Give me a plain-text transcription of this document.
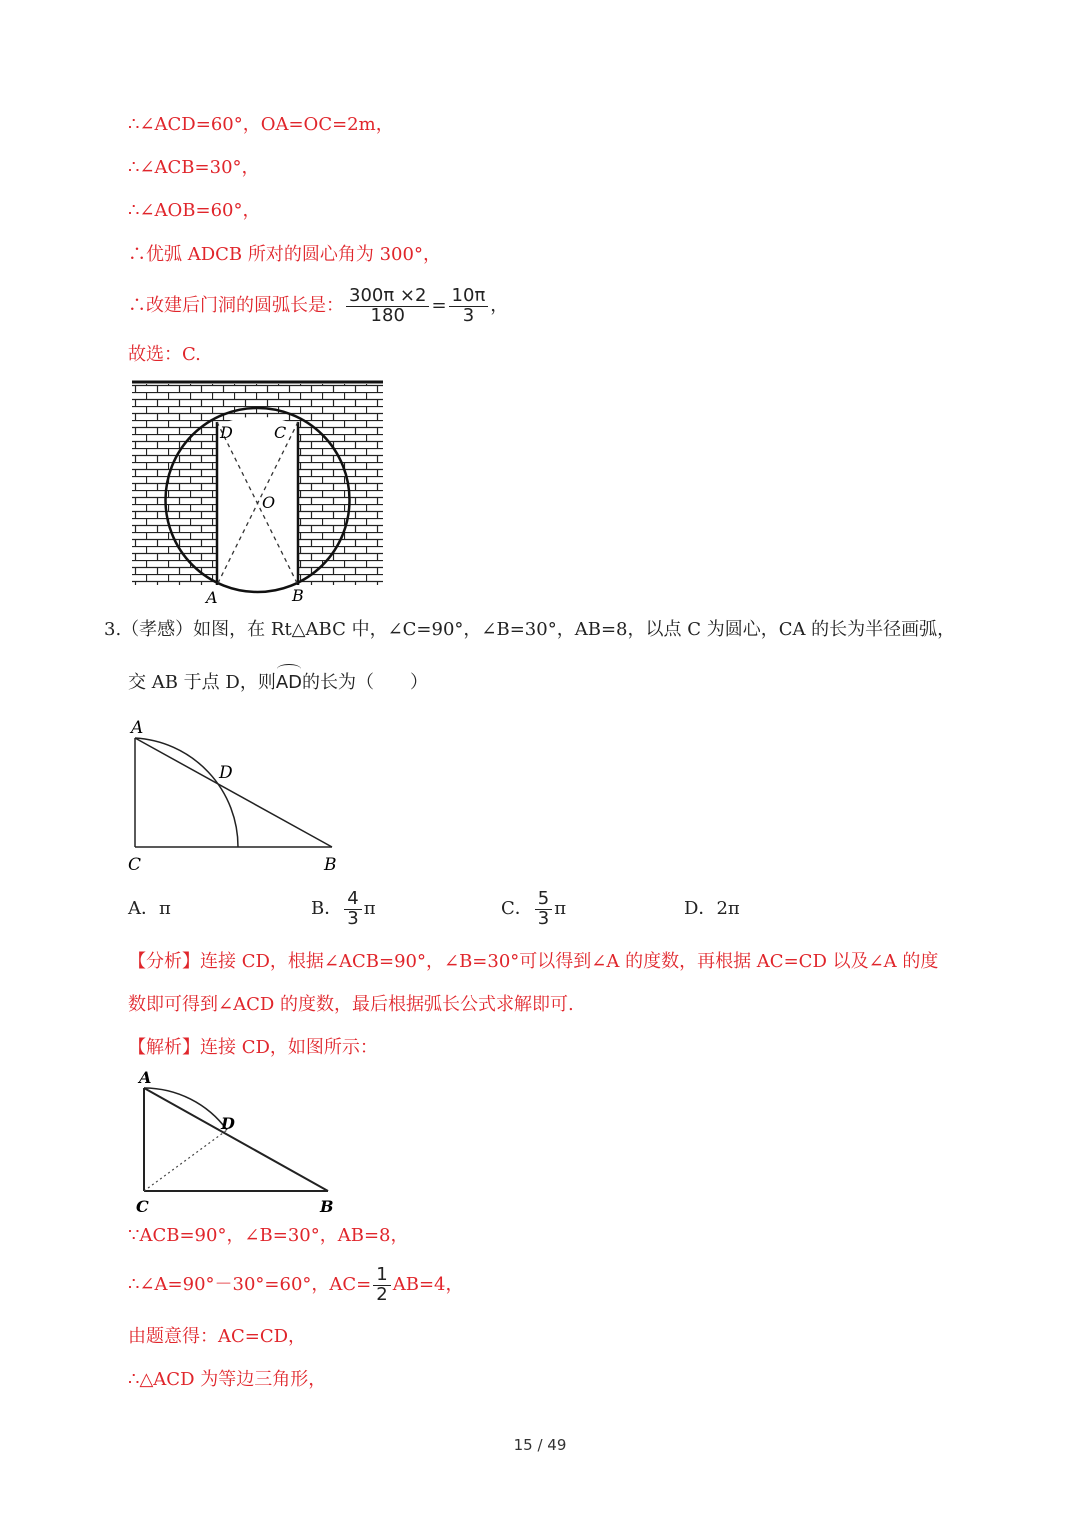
∴∠ACD=60°，OA=OC=2m，
∴∠ACB=30°，
∴∠AOB=60°，
∴优弧 ADCB 所对的圆心角为 300°，
∴改建后门洞的圆弧长是： $\frac{300\pi \times 2}{180} = \frac{10\pi}{3}$ ，
故选：C.
D	C
O
A	B
3.（孝感）如图，在 Rt△ABC 中，∠C=90°，∠B=30°，AB=8，以点 C 为圆心，CA 的长为半径画弧，
交 AB 于点 D，则AD的长为（　　）
A
D
C	B
A．π	B． $\frac{4}{3}$ π	C． $\frac{5}{3}$ π	D．2π
【分析】连接 CD，根据∠ACB=90°，∠B=30°可以得到∠A 的度数，再根据 AC=CD 以及∠A 的度
数即可得到∠ACD 的度数，最后根据弧长公式求解即可.
【解析】连接 CD，如图所示：
A
D
C	B
∵ACB=90°，∠B=30°，AB=8，
∴∠A=90°－30°=60°，$AC= \frac{1}{2} AB=4$，
由题意得：AC=CD，
∴△ACD 为等边三角形，
15 / 49
